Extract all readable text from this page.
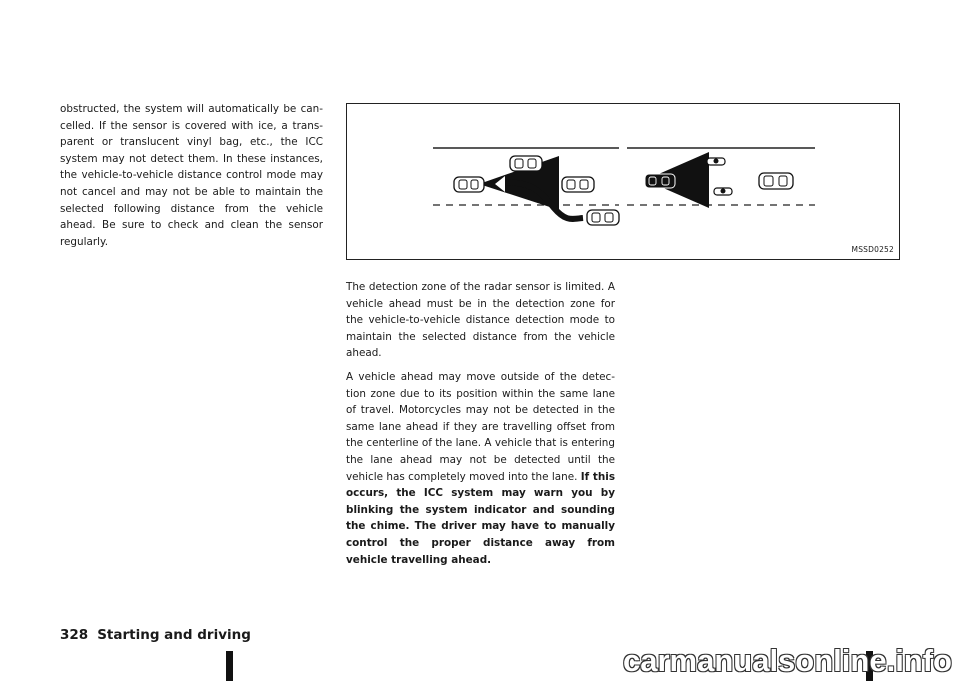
obstructed, the system will automatically be can-celled. If the sensor is covered with ice, a trans-parent or translucent vinyl bag, etc., the ICC system may not detect them. In these instances, the vehicle-to-vehicle distance control mode may not cancel and may not be able to maintain the selected following distance from the vehicle ahead. Be sure to check and clean the sensor regularly.

MSSD0252

The detection zone of the radar sensor is limited. A vehicle ahead must be in the detection zone for the vehicle-to-vehicle distance detection mode to maintain the selected distance from the vehicle ahead.

A vehicle ahead may move outside of the detec-tion zone due to its position within the same lane of travel. Motorcycles may not be detected in the same lane ahead if they are travelling offset from the centerline of the lane. A vehicle that is entering the lane ahead may not be detected until the vehicle has completely moved into the lane. If this occurs, the ICC system may warn you by blinking the system indicator and sounding the chime. The driver may have to manually control the proper distance away from vehicle travelling ahead.

328 Starting and driving
carmanualsonline.info
